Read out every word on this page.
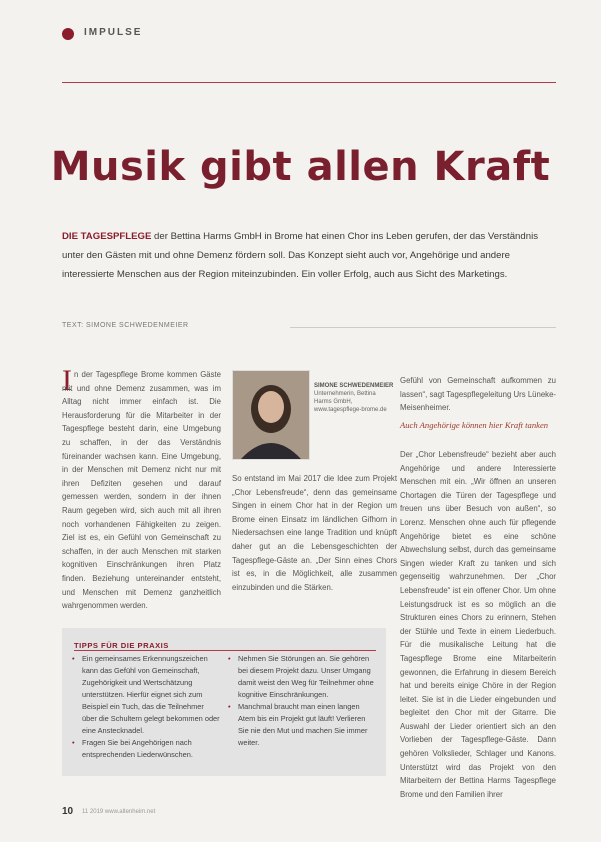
IMPULSE
Musik gibt allen Kraft
DIE TAGESPFLEGE der Bettina Harms GmbH in Brome hat einen Chor ins Leben gerufen, der das Verständnis unter den Gästen mit und ohne Demenz fördern soll. Das Konzept sieht auch vor, Angehörige und andere interessierte Menschen aus der Region miteinzubinden. Ein voller Erfolg, auch aus Sicht des Marketings.
TEXT: SIMONE SCHWEDENMEIER
I n der Tagespflege Brome kommen Gäste mit und ohne Demenz zusammen, was im Alltag nicht immer einfach ist. Die Herausforderung für die Mitarbeiter in der Tagespflege besteht darin, eine Umgebung zu schaffen, in der das Verständnis füreinander wachsen kann. Eine Umgebung, in der Menschen mit Demenz nicht nur mit ihren Defiziten gesehen und darauf gemessen werden, sondern in der ihnen Raum gegeben wird, sich auch mit all ihren noch vorhandenen Fähigkeiten zu zeigen. Ziel ist es, ein Gefühl von Gemeinschaft zu schaffen, in der auch Menschen mit starken kognitiven Einschränkungen ihren Platz finden. Beziehung untereinander entsteht, und Menschen mit Demenz ganzheitlich wahrgenommen werden.
SIMONE SCHWEDENMEIER
Unternehmerin, Bettina Harms GmbH, www.tagespflege-brome.de
So entstand im Mai 2017 die Idee zum Projekt „Chor Lebensfreude“, denn das gemeinsame Singen in einem Chor hat in der Region um Brome einen Einsatz im ländlichen Gifhorn in Niedersachsen eine lange Tradition und knüpft daher gut an die Lebensgeschichten der Tagespflege-Gäste an. „Der Sinn eines Chors ist es, in die Möglichkeit, alle zusammen einzubinden und die Stärken.
Gefühl von Gemeinschaft aufkommen zu lassen“, sagt Tagespflegeleitung Urs Lüneke-Meisenheimer.
Auch Angehörige können hier Kraft tanken
Der „Chor Lebensfreude“ bezieht aber auch Angehörige und andere Interessierte Menschen mit ein. „Wir öffnen an unseren Chortagen die Türen der Tagespflege und freuen uns über Besuch von außen“, so Lorenz. Menschen ohne auch für pflegende Angehörige bietet es eine schöne Abwechslung selbst, durch das gemeinsame Singen wieder Kraft zu tanken und sich gegenseitig wahrzunehmen. Der „Chor Lebensfreude“ ist ein offener Chor. Um ohne Leistungsdruck ist es so möglich an die Strukturen eines Chors zu erinnern, Stehen der Stühle und Texte in einem Liederbuch. Für die musikalische Leitung hat die Tagespflege Brome eine Mitarbeiterin gewonnen, die Erfahrung in diesem Bereich hat und bereits einige Chöre in der Region leitet. Sie ist in die Lieder eingebunden und begleitet den Chor mit der Gitarre. Die Auswahl der Lieder orientiert sich an den Vorlieben der Tagespflege-Gäste. Dann gehören Volkslieder, Schlager und Kanons. Unterstützt wird das Projekt von den Mitarbeitern der Bettina Harms Tagespflege Brome und den Familien ihrer
TIPPS FÜR DIE PRAXIS
• Ein gemeinsames Erkennungszeichen kann das Gefühl von Gemeinschaft, Zugehörigkeit und Wertschätzung unterstützen. Hierfür eignet sich zum Beispiel ein Tuch, das die Teilnehmer über die Schultern gelegt bekommen oder eine Anstecknadel.
• Fragen Sie bei Angehörigen nach entsprechenden Liederwünschen.
• Nehmen Sie Störungen an. Sie gehören bei diesem Projekt dazu. Unser Umgang damit weist den Weg für Teilnehmer ohne kognitive Einschränkungen.
• Manchmal braucht man einen langen Atem bis ein Projekt gut läuft! Verlieren Sie nie den Mut und machen Sie immer weiter.
10 11 2019 www.altenheim.net
